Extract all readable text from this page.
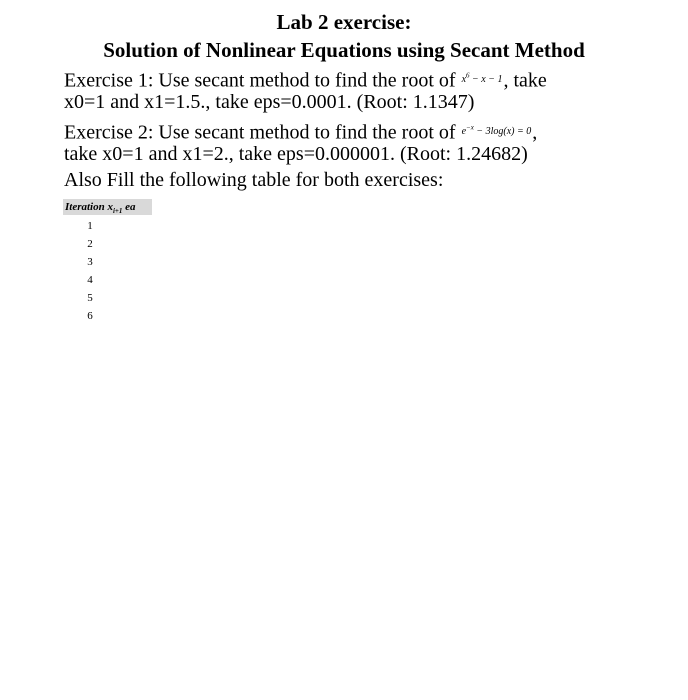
Lab 2 exercise:
Solution of Nonlinear Equations using Secant Method
Exercise 1: Use secant method to find the root of $^{x^6 - x - 1}$, take
x0=1 and x1=1.5., take eps=0.0001. (Root: 1.1347)
Exercise 2: Use secant method to find the root of $^{e^{-x} - 3log(x) = 0}$,
take x0=1 and x1=2., take eps=0.000001. (Root: 1.24682)
Also Fill the following table for both exercises:
Iteration $x_{i+1}$ ea
1
2
3
4
5
6
